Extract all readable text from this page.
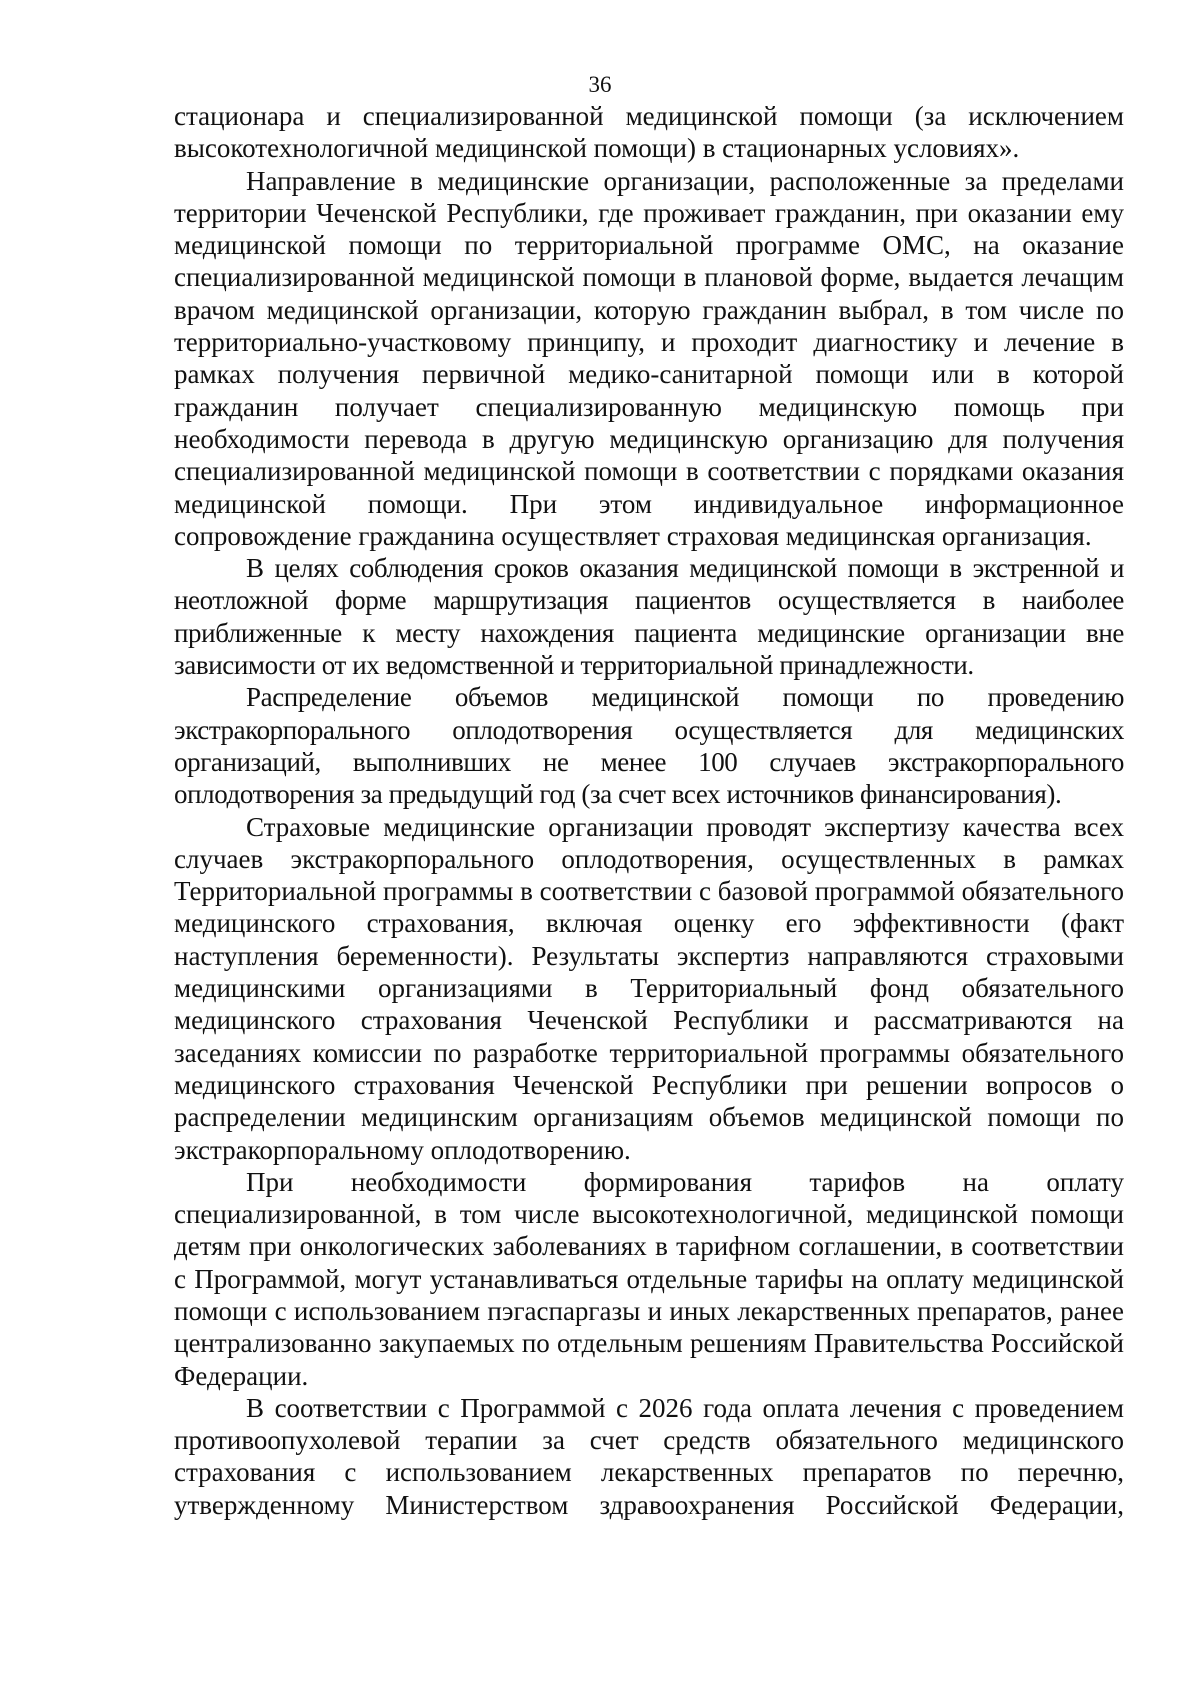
36

стационара и специализированной медицинской помощи (за исключением высокотехнологичной медицинской помощи) в стационарных условиях».

Направление в медицинские организации, расположенные за пределами территории Чеченской Республики, где проживает гражданин, при оказании ему медицинской помощи по территориальной программе ОМС, на оказание специализированной медицинской помощи в плановой форме, выдается лечащим врачом медицинской организации, которую гражданин выбрал, в том числе по территориально-участковому принципу, и проходит диагностику и лечение в рамках получения первичной медико-санитарной помощи или в которой гражданин получает специализированную медицинскую помощь при необходимости перевода в другую медицинскую организацию для получения специализированной медицинской помощи в соответствии с порядками оказания медицинской помощи. При этом индивидуальное информационное сопровождение гражданина осуществляет страховая медицинская организация.

В целях соблюдения сроков оказания медицинской помощи в экстренной и неотложной форме маршрутизация пациентов осуществляется в наиболее приближенные к месту нахождения пациента медицинские организации вне зависимости от их ведомственной и территориальной принадлежности.

Распределение объемов медицинской помощи по проведению экстракорпорального оплодотворения осуществляется для медицинских организаций, выполнивших не менее 100 случаев экстракорпорального оплодотворения за предыдущий год (за счет всех источников финансирования).

Страховые медицинские организации проводят экспертизу качества всех случаев экстракорпорального оплодотворения, осуществленных в рамках Территориальной программы в соответствии с базовой программой обязательного медицинского страхования, включая оценку его эффективности (факт наступления беременности). Результаты экспертиз направляются страховыми медицинскими организациями в Территориальный фонд обязательного медицинского страхования Чеченской Республики и рассматриваются на заседаниях комиссии по разработке территориальной программы обязательного медицинского страхования Чеченской Республики при решении вопросов о распределении медицинским организациям объемов медицинской помощи по экстракорпоральному оплодотворению.

При необходимости формирования тарифов на оплату специализированной, в том числе высокотехнологичной, медицинской помощи детям при онкологических заболеваниях в тарифном соглашении, в соответствии с Программой, могут устанавливаться отдельные тарифы на оплату медицинской помощи с использованием пэгаспаргазы и иных лекарственных препаратов, ранее централизованно закупаемых по отдельным решениям Правительства Российской Федерации.

В соответствии с Программой с 2026 года оплата лечения с проведением противоопухолевой терапии за счет средств обязательного медицинского страхования с использованием лекарственных препаратов по перечню, утвержденному Министерством здравоохранения Российской Федерации,
